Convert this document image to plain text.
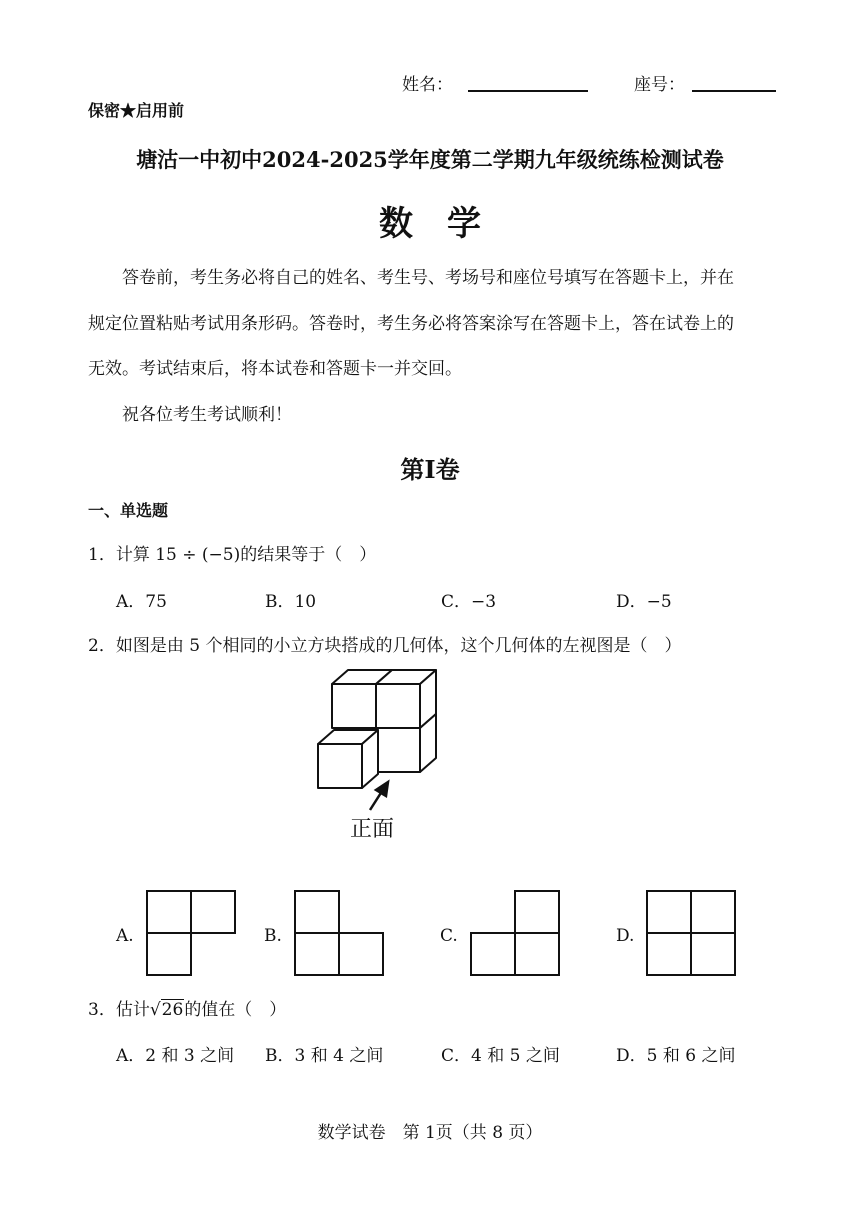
姓名：	座号：
保密★启用前
塘沽一中初中2024-2025学年度第二学期九年级统练检测试卷
数　学
答卷前，考生务必将自己的姓名、考生号、考场号和座位号填写在答题卡上，并在
规定位置粘贴考试用条形码。答卷时，考生务必将答案涂写在答题卡上，答在试卷上的
无效。考试结束后，将本试卷和答题卡一并交回。
祝各位考生考试顺利！
第Ⅰ卷
一、单选题
1．计算 15 ÷ (−5)的结果等于（　）
A．75	B．10	C．−3	D．−5
2．如图是由 5 个相同的小立方块搭成的几何体，这个几何体的左视图是（　）
正面
A.	B.	C.	D.
3．估计√26的值在（　）
A．2 和 3 之间 B．3 和 4 之间	C．4 和 5 之间	D．5 和 6 之间
数学试卷　第 1页（共 8 页）
